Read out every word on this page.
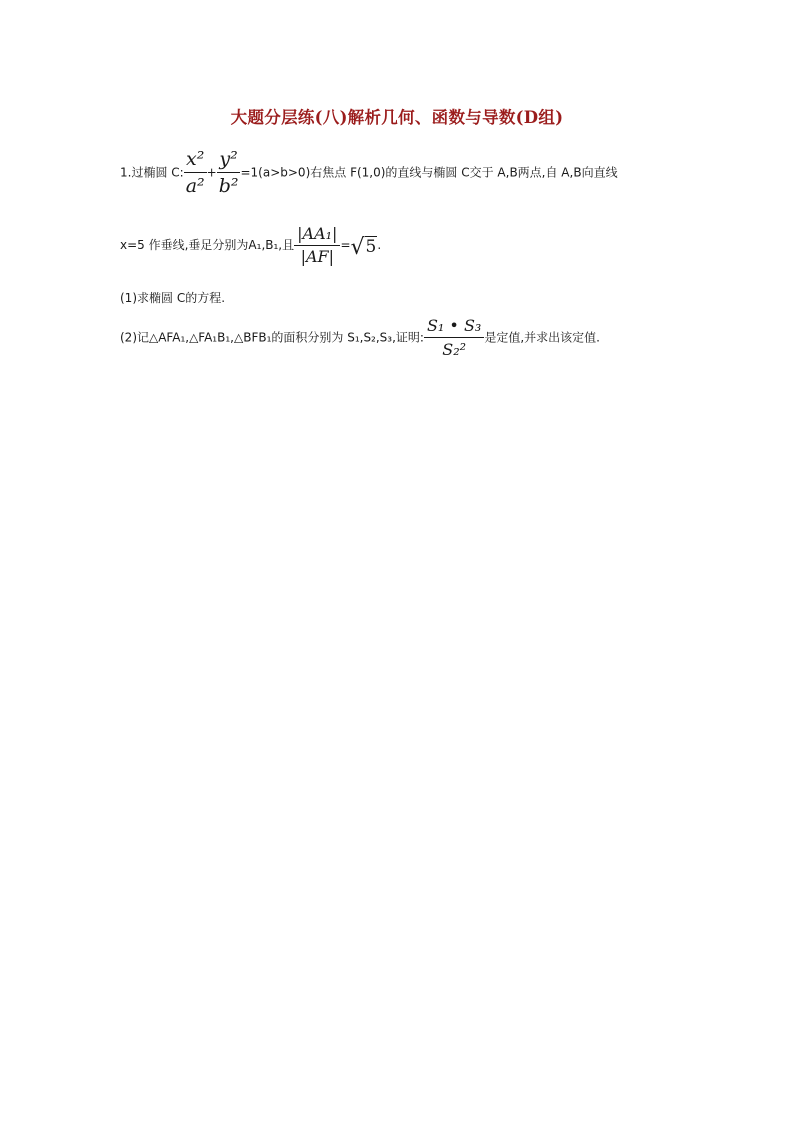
大题分层练(八)解析几何、函数与导数(D组)
1.过椭圆 C: $\frac{\text{x²}}{\text{a²}} + \frac{\text{y²}}{\text{b²}} =1(a>b>0)$右焦点 F(1,0)的直线与椭圆 C交于 A,B两点,自 A,B向直线
x=5 作垂线,垂足分别为A₁,B₁,且 $\frac{\text{|AA₁|}}{|AF|} =√5$.
(1)求椭圆 C的方程.
(2)记△AFA₁,△FA₁B₁,△BFB₁的面积分别为 S₁,S₂,S₃,证明: $\frac{\text{S₁ • S₃}}{\text{S₂²}}$ 是定值,并求出该定值.
